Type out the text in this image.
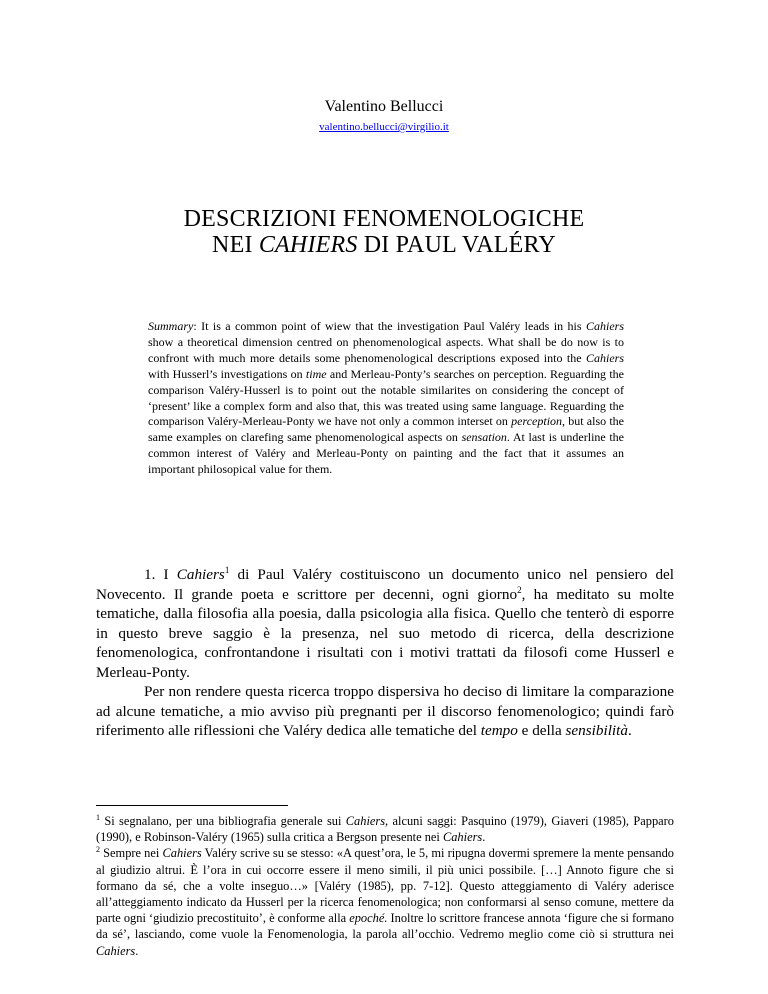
Valentino Bellucci
valentino.bellucci@virgilio.it
DESCRIZIONI FENOMENOLOGICHE
NEI CAHIERS DI PAUL VALÉRY
Summary: It is a common point of wiew that the investigation Paul Valéry leads in his Cahiers show a theoretical dimension centred on phenomenological aspects. What shall be do now is to confront with much more details some phenomenological descriptions exposed into the Cahiers with Husserl’s investigations on time and Merleau-Ponty’s searches on perception. Reguarding the comparison Valéry-Husserl is to point out the notable similarites on considering the concept of ‘present’ like a complex form and also that, this was treated using same language. Reguarding the comparison Valéry-Merleau-Ponty we have not only a common interset on perception, but also the same examples on clarefing same phenomenological aspects on sensation. At last is underline the common interest of Valéry and Merleau-Ponty on painting and the fact that it assumes an important philosopical value for them.

1. I Cahiers$^1$ di Paul Valéry costituiscono un documento unico nel pensiero del Novecento. Il grande poeta e scrittore per decenni, ogni giorno$^2$, ha meditato su molte tematiche, dalla filosofia alla poesia, dalla psicologia alla fisica. Quello che tenterò di esporre in questo breve saggio è la presenza, nel suo metodo di ricerca, della descrizione fenomenologica, confrontandone i risultati con i motivi trattati da filosofi come Husserl e Merleau-Ponty.

Per non rendere questa ricerca troppo dispersiva ho deciso di limitare la comparazione ad alcune tematiche, a mio avviso più pregnanti per il discorso fenomenologico; quindi farò riferimento alle riflessioni che Valéry dedica alle tematiche del tempo e della sensibilità.

$^1$ Si segnalano, per una bibliografia generale sui Cahiers, alcuni saggi: Pasquino (1979), Giaveri (1985), Papparo (1990), e Robinson-Valéry (1965) sulla critica a Bergson presente nei Cahiers.

$^2$ Sempre nei Cahiers Valéry scrive su se stesso: «A quest’ora, le 5, mi ripugna dovermi spremere la mente pensando al giudizio altrui. È l’ora in cui occorre essere il meno simili, il più unici possibile. […] Annoto figure che si formano da sé, che a volte inseguo…» [Valéry (1985), pp. 7-12]. Questo atteggiamento di Valéry aderisce all’atteggiamento indicato da Husserl per la ricerca fenomenologica; non conformarsi al senso comune, mettere da parte ogni ‘giudizio precostituito’, è conforme alla epoché. Inoltre lo scrittore francese annota ‘figure che si formano da sé’, lasciando, come vuole la Fenomenologia, la parola all’occhio. Vedremo meglio come ciò si struttura nei Cahiers.
